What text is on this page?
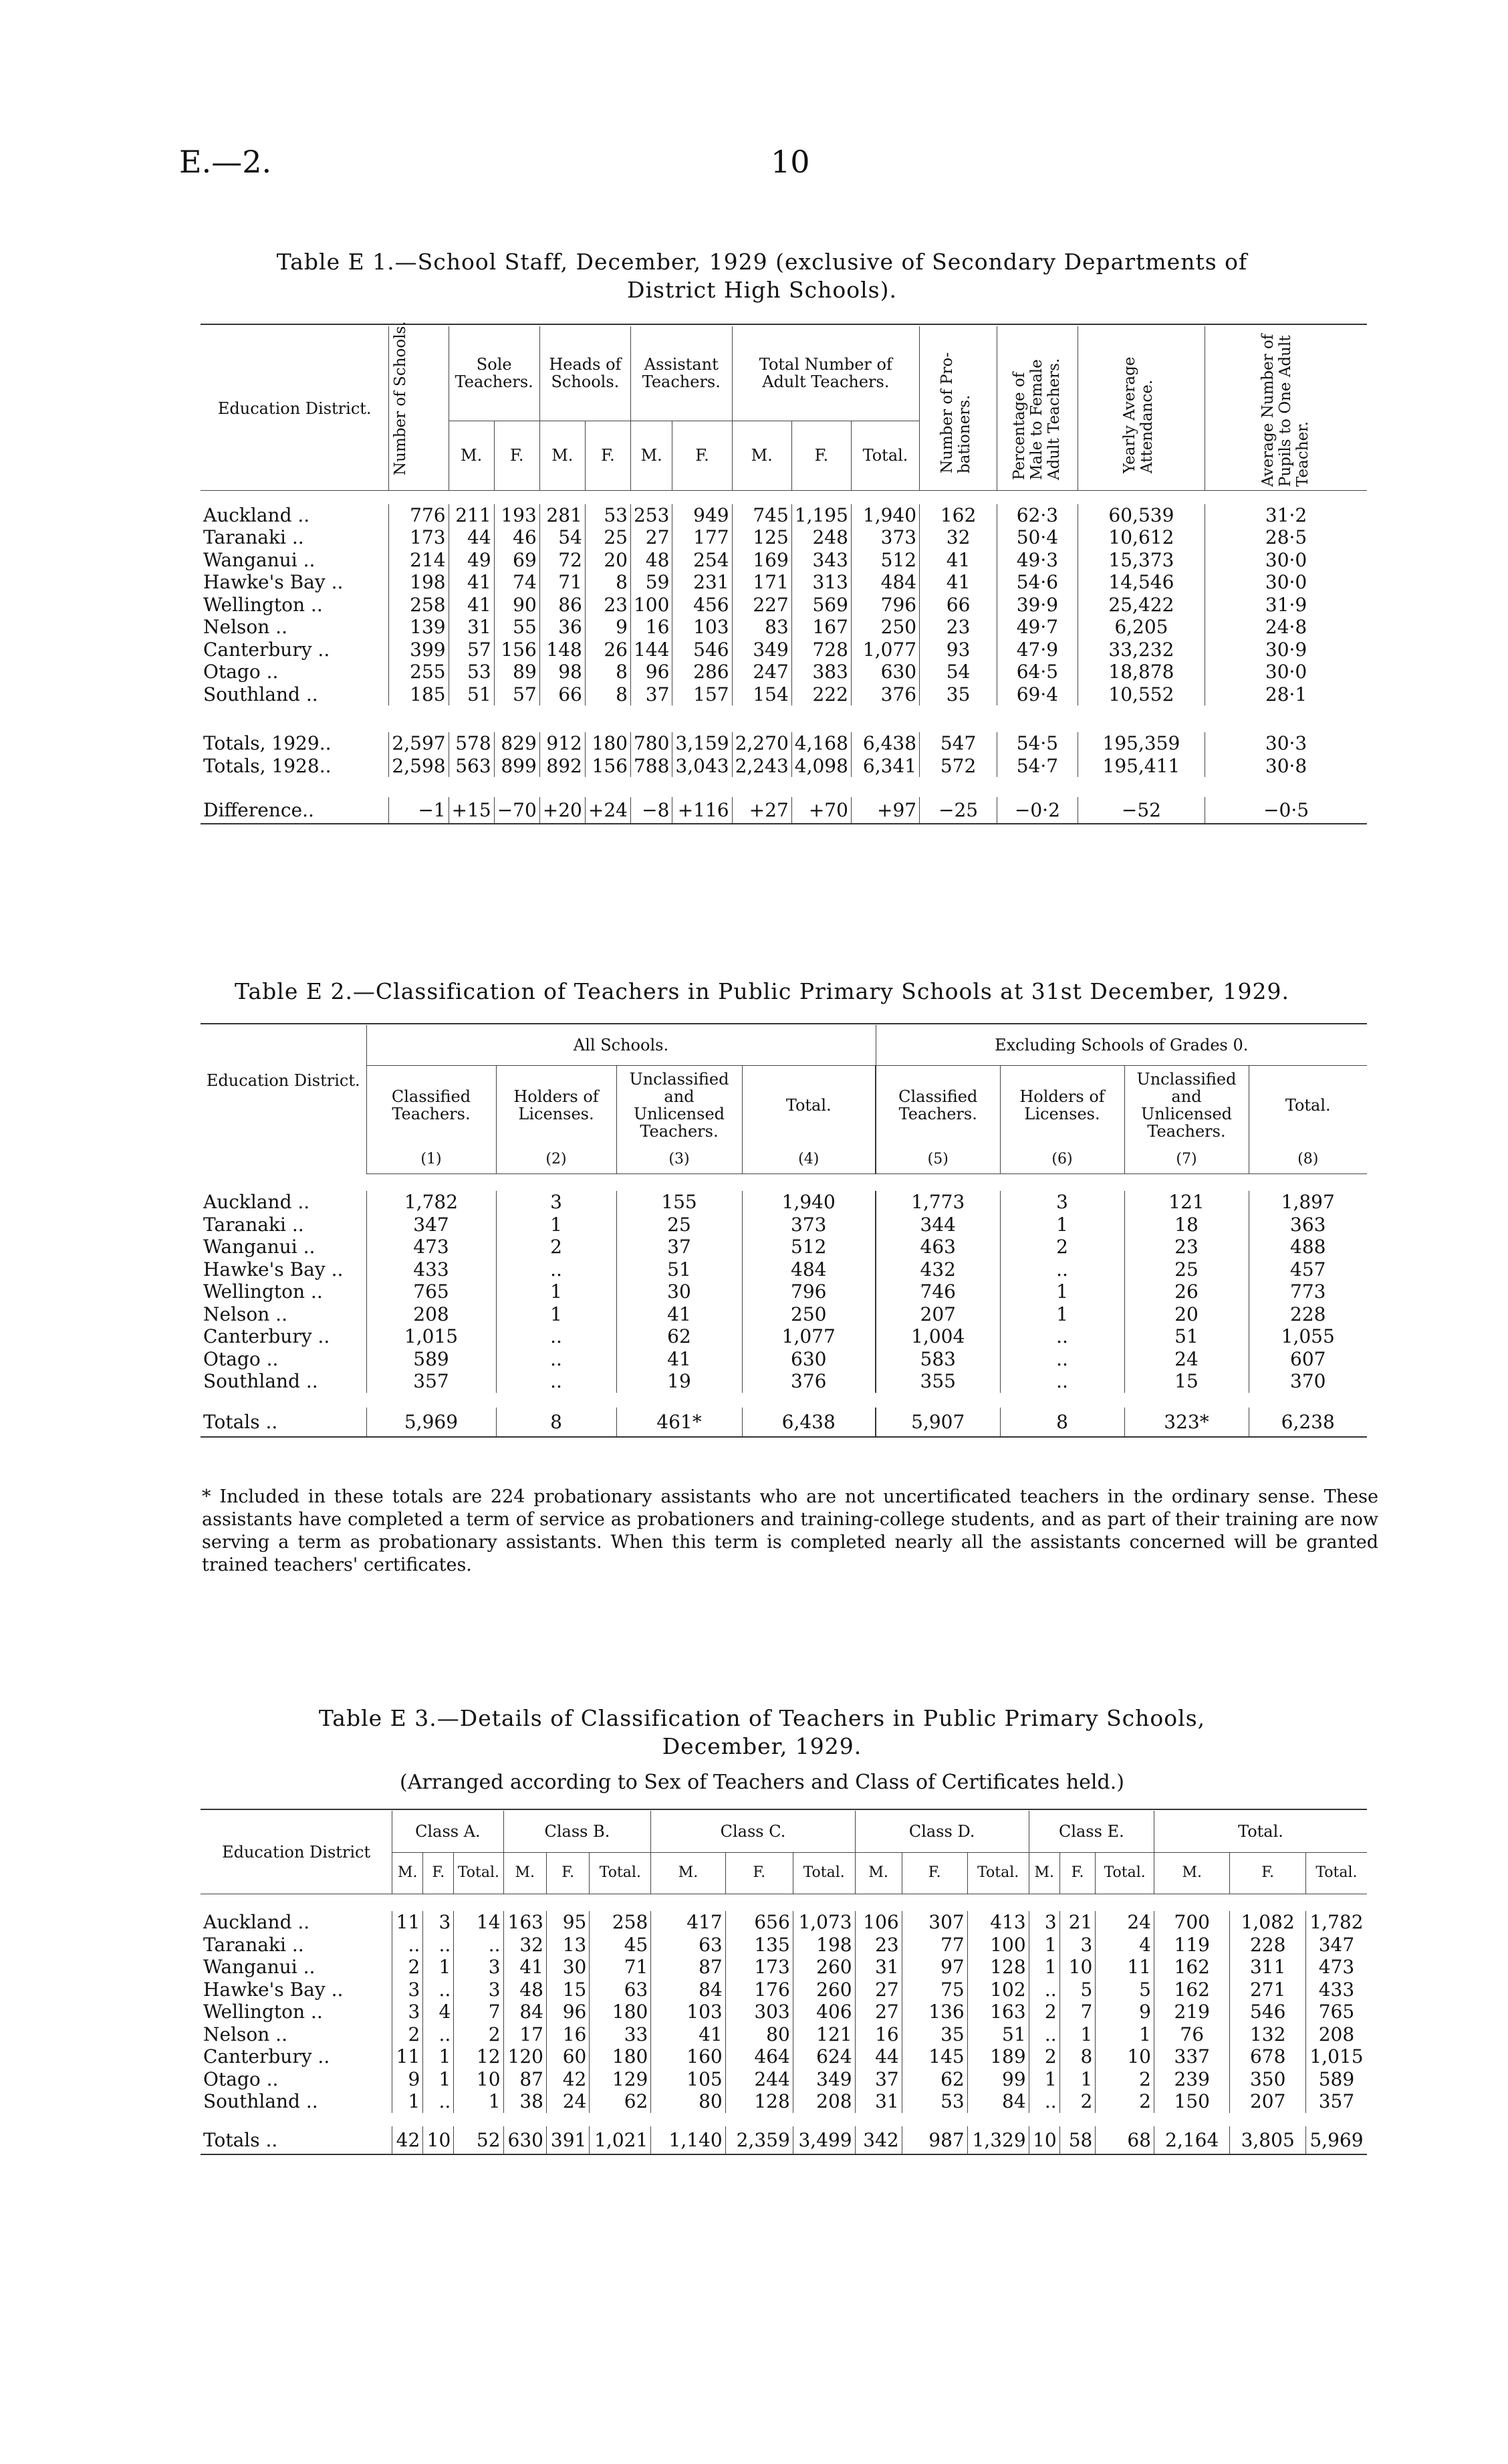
E.—2.	10
Table E 1.—School Staff, December, 1929 (exclusive of Secondary Departments of
District High Schools).
Education District.	Number of Schools.	Sole Teachers.		Heads of Schools.		Assistant Teachers.		Total Number of Adult Teachers.			Number of Pro-bationers.	Percentage of Male to Female Adult Teachers.	Yearly Average Attendance.	Average Number of Pupils to One Adult Teacher.
		M.	F.	M.	F.	M.	F.	M.	F.	Total.				

Auckland ..	776	211	193	281	53	253	949	745	1,195	1,940	162	62·3	60,539	31·2
Taranaki ..	173	44	46	54	25	27	177	125	248	373	32	50·4	10,612	28·5
Wanganui ..	214	49	69	72	20	48	254	169	343	512	41	49·3	15,373	30·0
Hawke's Bay ..	198	41	74	71	8	59	231	171	313	484	41	54·6	14,546	30·0
Wellington ..	258	41	90	86	23	100	456	227	569	796	66	39·9	25,422	31·9
Nelson ..	139	31	55	36	9	16	103	83	167	250	23	49·7	6,205	24·8
Canterbury ..	399	57	156	148	26	144	546	349	728	1,077	93	47·9	33,232	30·9
Otago ..	255	53	89	98	8	96	286	247	383	630	54	64·5	18,878	30·0
Southland ..	185	51	57	66	8	37	157	154	222	376	35	69·4	10,552	28·1

Totals, 1929..	2,597	578	829	912	180	780	3,159	2,270	4,168	6,438	547	54·5	195,359	30·3
Totals, 1928..	2,598	563	899	892	156	788	3,043	2,243	4,098	6,341	572	54·7	195,411	30·8

Difference..	−1	+15	−70	+20	+24	−8	+116	+27	+70	+97	−25	−0·2	−52	−0·5

Table E 2.—Classification of Teachers in Public Primary Schools at 31st December, 1929.
Education District.	All Schools.				Excluding Schools of Grades 0.			
	Classified Teachers.	Holders of Licenses.	Unclassified and Unlicensed Teachers.	Total.	Classified Teachers.	Holders of Licenses.	Unclassified and Unlicensed Teachers.	Total.
	(1)	(2)	(3)	(4)	(5)	(6)	(7)	(8)

Auckland ..	1,782	3	155	1,940	1,773	3	121	1,897
Taranaki ..	347	1	25	373	344	1	18	363
Wanganui ..	473	2	37	512	463	2	23	488
Hawke's Bay ..	433	..	51	484	432	..	25	457
Wellington ..	765	1	30	796	746	1	26	773
Nelson ..	208	1	41	250	207	1	20	228
Canterbury ..	1,015	..	62	1,077	1,004	..	51	1,055
Otago ..	589	..	41	630	583	..	24	607
Southland ..	357	..	19	376	355	..	15	370

Totals ..	5,969	8	461*	6,438	5,907	8	323*	6,238
* Included in these totals are 224 probationary assistants who are not uncertificated teachers in the ordinary sense. These assistants have completed a term of service as probationers and training-college students, and as part of their training are now serving a term as probationary assistants. When this term is completed nearly all the assistants concerned will be granted trained teachers' certificates.
Table E 3.—Details of Classification of Teachers in Public Primary Schools,
December, 1929.
(Arranged according to Sex of Teachers and Class of Certificates held.)
Education District	Class A.			Class B.			Class C.			Class D.			Class E.			Total.		
	M.	F.	Total.	M.	F.	Total.	M.	F.	Total.	M.	F.	Total.	M.	F.	Total.	M.	F.	Total.

Auckland ..	11	3	14	163	95	258	417	656	1,073	106	307	413	3	21	24	700	1,082	1,782
Taranaki ..	..	..	..	32	13	45	63	135	198	23	77	100	1	3	4	119	228	347
Wanganui ..	2	1	3	41	30	71	87	173	260	31	97	128	1	10	11	162	311	473
Hawke's Bay ..	3	..	3	48	15	63	84	176	260	27	75	102	..	5	5	162	271	433
Wellington ..	3	4	7	84	96	180	103	303	406	27	136	163	2	7	9	219	546	765
Nelson ..	2	..	2	17	16	33	41	80	121	16	35	51	..	1	1	76	132	208
Canterbury ..	11	1	12	120	60	180	160	464	624	44	145	189	2	8	10	337	678	1,015
Otago ..	9	1	10	87	42	129	105	244	349	37	62	99	1	1	2	239	350	589
Southland ..	1	..	1	38	24	62	80	128	208	31	53	84	..	2	2	150	207	357

Totals ..	42	10	52	630	391	1,021	1,140	2,359	3,499	342	987	1,329	10	58	68	2,164	3,805	5,969
